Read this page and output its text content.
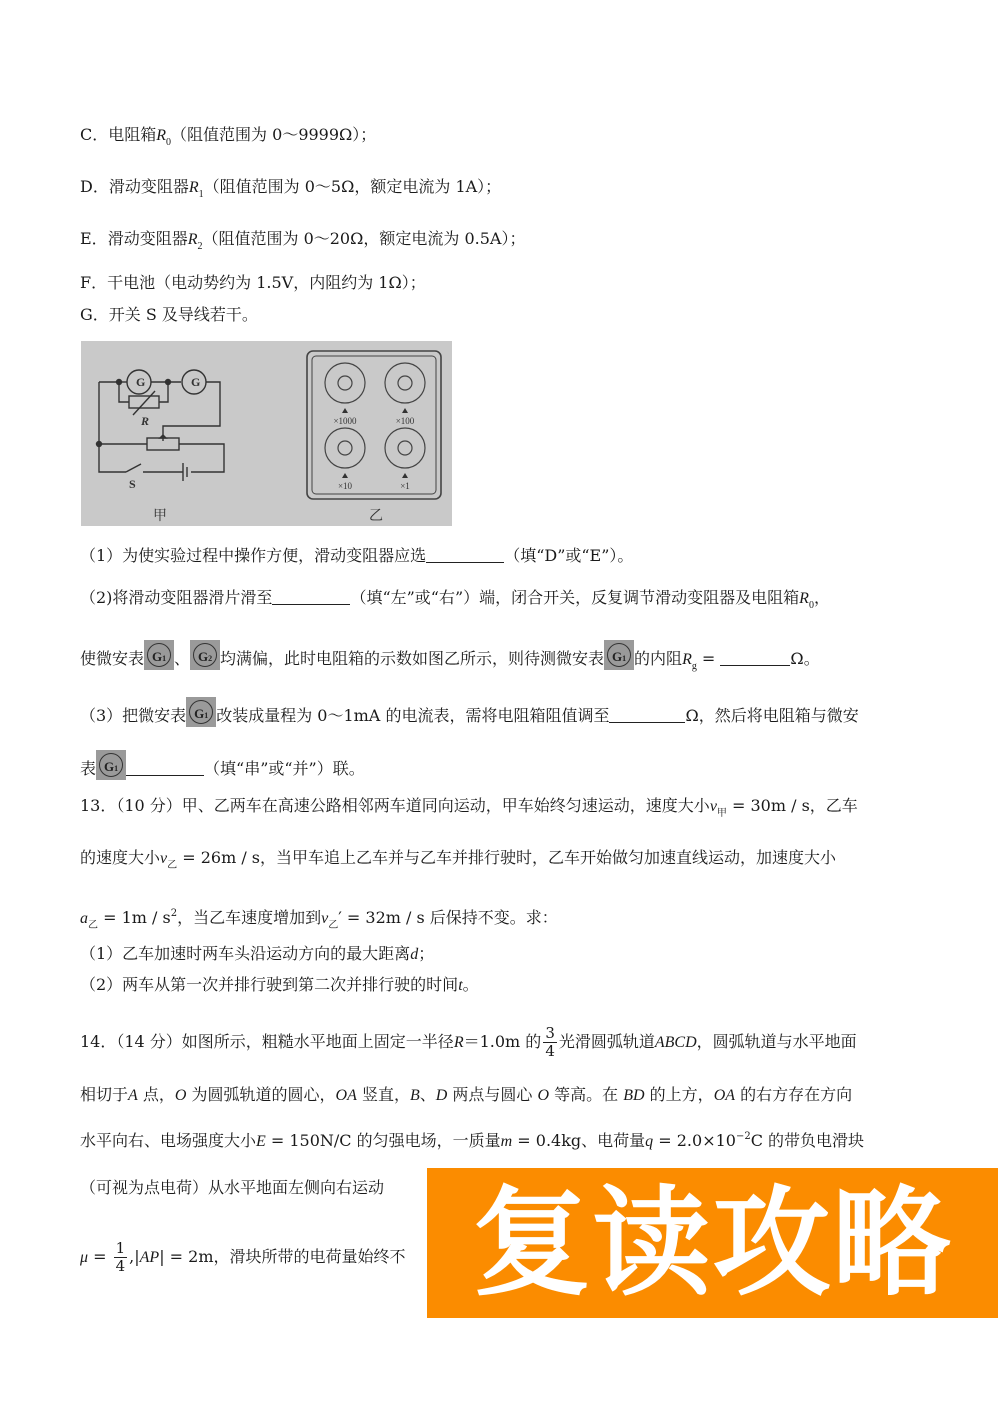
C．电阻箱$R_0$（阻值范围为 0～9999Ω）；
D．滑动变阻器$R_1$（阻值范围为 0～5Ω，额定电流为 1A）；
E．滑动变阻器$R_2$（阻值范围为 0～20Ω，额定电流为 0.5A）；
F．干电池（电动势约为 1.5V，内阻约为 1Ω）；
G．开关 S 及导线若干。
G	G
R
S
×1000	×100
×10	×1
甲	乙
（1）为使实验过程中操作方便，滑动变阻器应选	（填“D”或“E”）。
（2)将滑动变阻器滑片滑至	（填“左”或“右”）端，闭合开关，反复调节滑动变阻器及电阻箱$R_0$，
使微安表 G1 、 G2 均满偏，此时电阻箱的示数如图乙所示，则待测微安表 G1 的内阻$R_g$ =	Ω。
（3）把微安表 G1 改装成量程为 0～1mA 的电流表，需将电阻箱阻值调至	Ω，然后将电阻箱与微安
表 G1	（填“串”或“并”）联。
13．（10 分）甲、乙两车在高速公路相邻两车道同向运动，甲车始终匀速运动，速度大小$v_甲 = 30m / s$，乙车
的速度大小$v_乙 = 26m / s$，当甲车追上乙车并与乙车并排行驶时，乙车开始做匀加速直线运动，加速度大小
$a_乙 = 1m / s^2$，当乙车速度增加到$v_乙' = 32m / s$ 后保持不变。求：
（1）乙车加速时两车头沿运动方向的最大距离d；
（2）两车从第一次并排行驶到第二次并排行驶的时间t。
14．（14 分）如图所示，粗糙水平地面上固定一半径R＝1.0m 的 $\frac{3}{4}$ 光滑圆弧轨道ABCD，圆弧轨道与水平地面
相切于A 点，O 为圆弧轨道的圆心，OA 竖直，B、D 两点与圆心 O 等高。在 BD 的上方，OA 的右方存在方向
水平向右、电场强度大小E = 150N/C 的匀强电场，一质量m = 0.4kg、电荷量$q = 2.0\times 10^{-2}C$ 的带负电滑块
（可视为点电荷）从水平地面左侧向右运动
$\mu = \frac{1}{4} ,|AP| = 2m$，滑块所带的电荷量始终不 复读攻略
